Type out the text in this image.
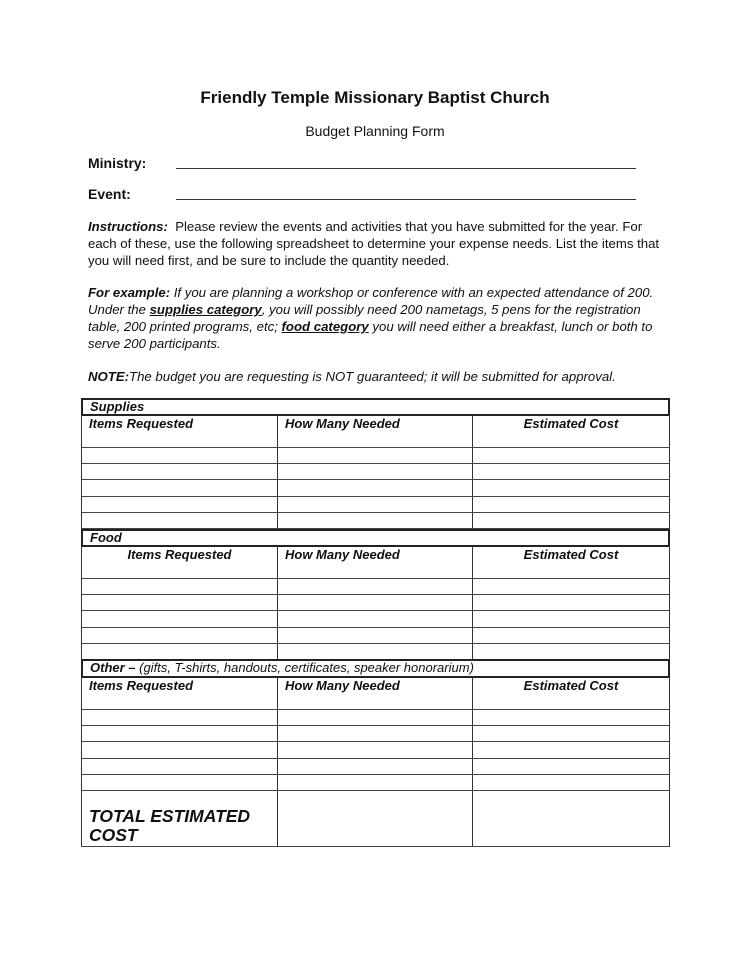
Friendly Temple Missionary Baptist Church
Budget Planning Form
Ministry:
Event:
Instructions: Please review the events and activities that you have submitted for the year. For each of these, use the following spreadsheet to determine your expense needs. List the items that you will need first, and be sure to include the quantity needed.
For example: If you are planning a workshop or conference with an expected attendance of 200. Under the supplies category, you will possibly need 200 nametags, 5 pens for the registration table, 200 printed programs, etc; food category you will need either a breakfast, lunch or both to serve 200 participants.
NOTE:The budget you are requesting is NOT guaranteed; it will be submitted for approval.
Supplies
Items Requested	How Many Needed	Estimated Cost
Food
Items Requested	How Many Needed	Estimated Cost
Other – (gifts, T-shirts, handouts, certificates, speaker honorarium)
Items Requested	How Many Needed	Estimated Cost
TOTAL ESTIMATED
COST
